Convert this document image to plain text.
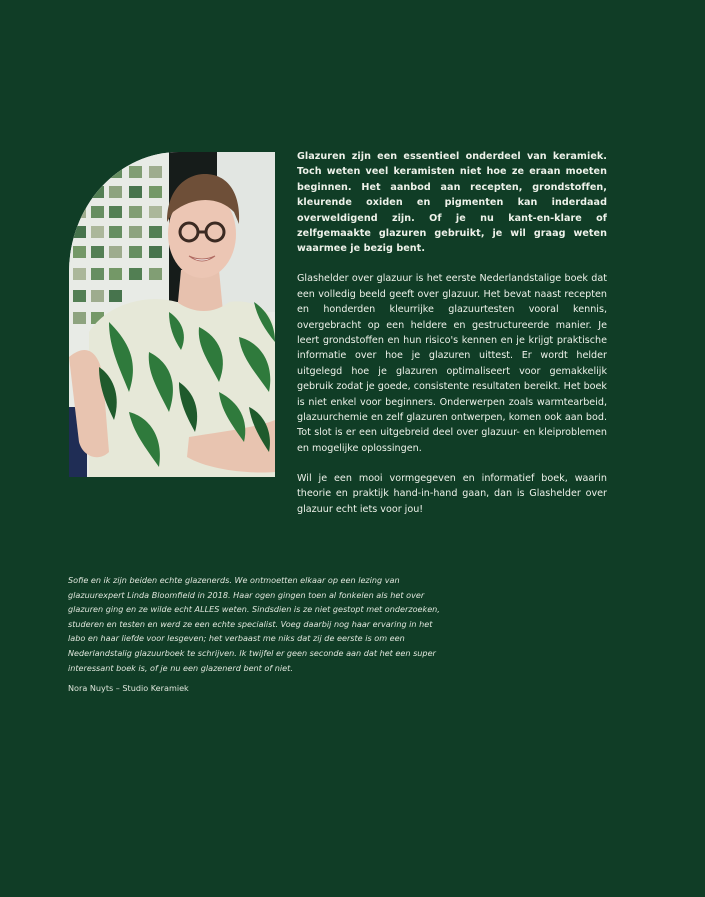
Glazuren zijn een essentieel onderdeel van keramiek. Toch weten veel keramisten niet hoe ze eraan moeten beginnen. Het aanbod aan recepten, grondstoffen, kleurende oxiden en pigmenten kan inderdaad overweldigend zijn. Of je nu kant-en-klare of zelfgemaakte glazuren gebruikt, je wil graag weten waarmee je bezig bent.

Glashelder over glazuur is het eerste Nederlandstalige boek dat een volledig beeld geeft over glazuur. Het bevat naast recepten en honderden kleurrijke glazuurtesten vooral kennis, overgebracht op een heldere en gestructureerde manier. Je leert grondstoffen en hun risico's kennen en je krijgt praktische informatie over hoe je glazuren uittest. Er wordt helder uitgelegd hoe je glazuren optimaliseert voor gemakkelijk gebruik zodat je goede, consistente resultaten bereikt. Het boek is niet enkel voor beginners. Onderwerpen zoals warmtearbeid, glazuurchemie en zelf glazuren ontwerpen, komen ook aan bod. Tot slot is er een uitgebreid deel over glazuur- en kleiproblemen en mogelijke oplossingen.

Wil je een mooi vormgegeven en informatief boek, waarin theorie en praktijk hand-in-hand gaan, dan is Glashelder over glazuur echt iets voor jou!

Sofie en ik zijn beiden echte glazenerds. We ontmoetten elkaar op een lezing van glazuurexpert Linda Bloomfield in 2018. Haar ogen gingen toen al fonkelen als het over glazuren ging en ze wilde echt ALLES weten. Sindsdien is ze niet gestopt met onderzoeken, studeren en testen en werd ze een echte specialist. Voeg daarbij nog haar ervaring in het labo en haar liefde voor lesgeven; het verbaast me niks dat zij de eerste is om een Nederlandstalig glazuurboek te schrijven. Ik twijfel er geen seconde aan dat het een super interessant boek is, of je nu een glazenerd bent of niet.

Nora Nuyts – Studio Keramiek
